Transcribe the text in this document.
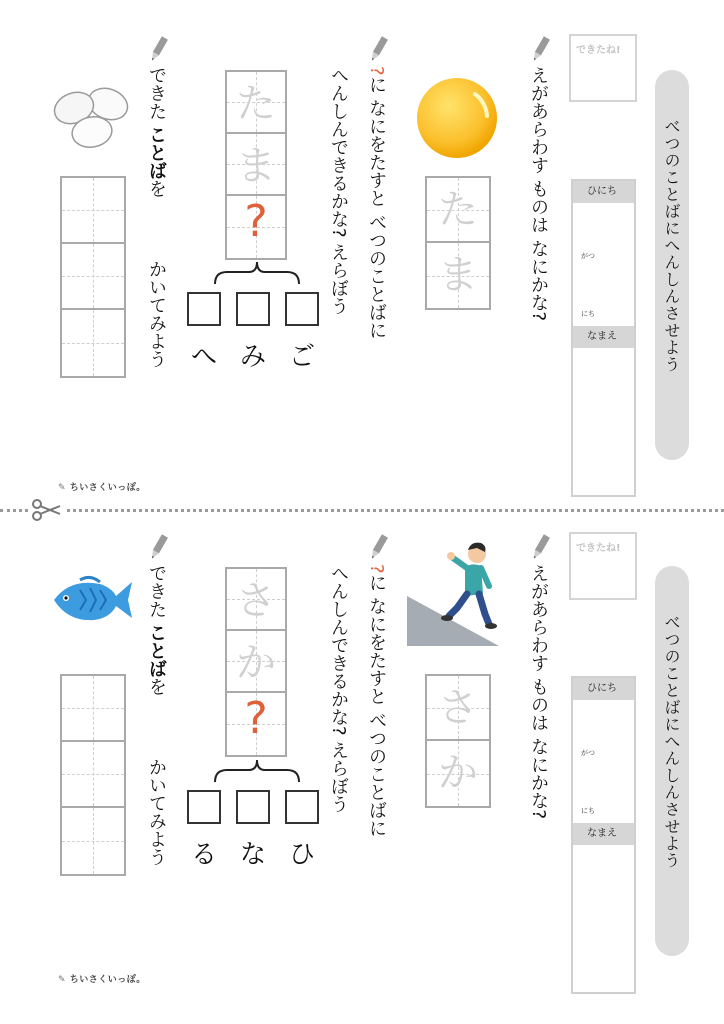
べつのことばにへんしんさせよう
できたね!
ひにち
がつ
にち
なまえ
えがあらわす ものは なにかな?
た
ま
?に なにをたすと べつのことばに
へんしんできるかな? えらぼう
た
ま
?
ご
み
へ
できた ことばを
かいてみよう
✎ ちいさくいっぽ。
べつのことばにへんしんさせよう
できたね!
ひにち
がつ
にち
なまえ
えがあらわす ものは なにかな?
さ
か
?に なにをたすと べつのことばに
へんしんできるかな? えらぼう
さ
か
?
ひ
な
る
できた ことばを
かいてみよう
✎ ちいさくいっぽ。
